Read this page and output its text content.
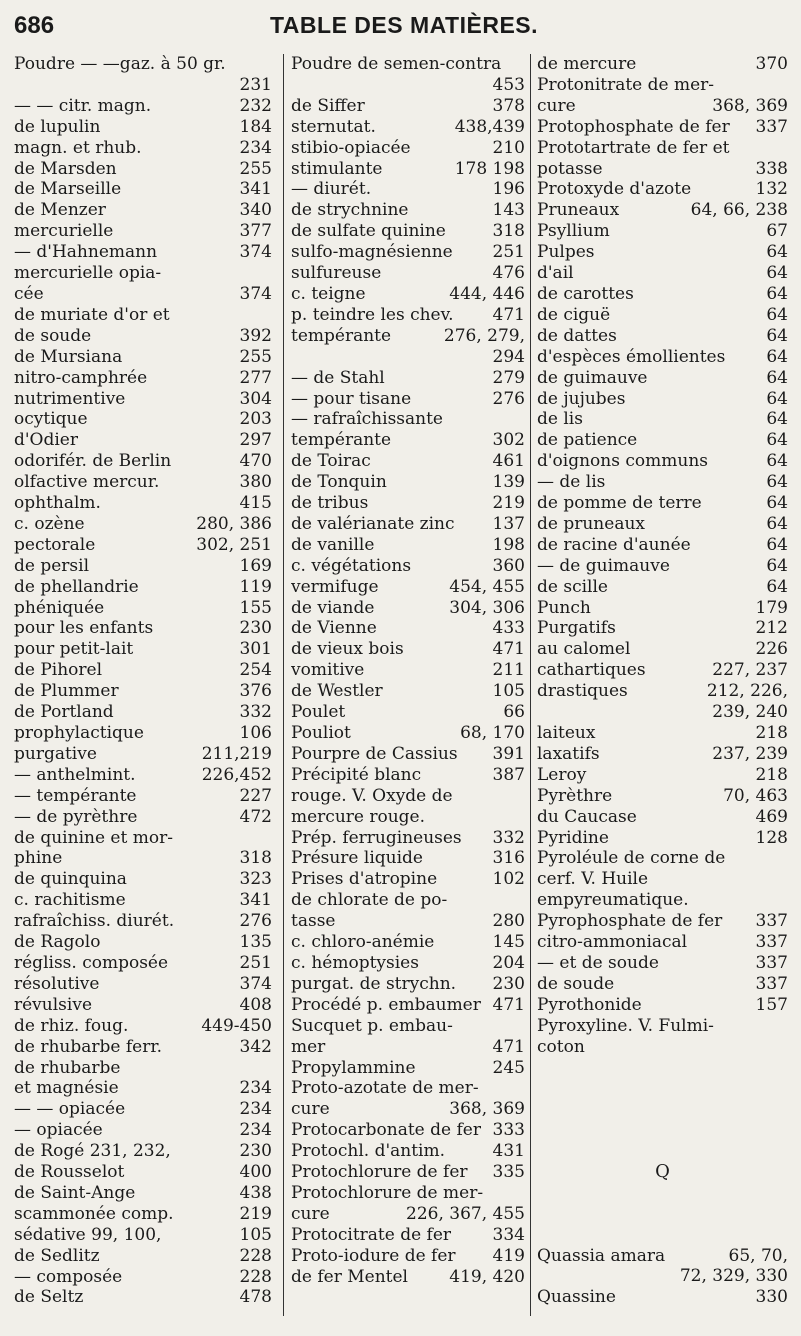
686	TABLE DES MATIÈRES.
Poudre — —gaz. à 50 gr.
231
— — citr. magn.	232
de lupulin	184
magn. et rhub.	234
de Marsden	255
de Marseille	341
de Menzer	340
mercurielle	377
— d'Hahnemann	374
mercurielle opia-
cée	374
de muriate d'or et
de soude	392
de Mursiana	255
nitro-camphrée	277
nutrimentive	304
ocytique	203
d'Odier	297
odorifér. de Berlin	470
olfactive mercur.	380
ophthalm.	415
c. ozène	280, 386
pectorale	302, 251
de persil	169
de phellandrie	119
phéniquée	155
pour les enfants	230
pour petit-lait	301
de Pihorel	254
de Plummer	376
de Portland	332
prophylactique	106
purgative	211,219
— anthelmint.	226,452
— tempérante	227
— de pyrèthre	472
de quinine et mor-
phine	318
de quinquina	323
c. rachitisme	341
rafraîchiss. diurét.	276
de Ragolo	135
régliss. composée	251
résolutive	374
révulsive	408
de rhiz. foug.	449-450
de rhubarbe ferr.	342
de rhubarbe
et magnésie	234
— — opiacée	234
— opiacée	234
de Rogé 231, 232,	230
de Rousselot	400
de Saint-Ange	438
scammonée comp.	219
sédative 99, 100,	105
de Sedlitz	228
— composée	228
de Seltz	478
Poudre de semen-contra
453
de Siffer	378
sternutat.	438,439
stibio-opiacée	210
stimulante	178 198
— diurét.	196
de strychnine	143
de sulfate quinine	318
sulfo-magnésienne	251
sulfureuse	476
c. teigne	444, 446
p. teindre les chev.	471
tempérante	276, 279,
294
— de Stahl	279
— pour tisane	276
— rafraîchissante
tempérante	302
de Toirac	461
de Tonquin	139
de tribus	219
de valérianate zinc	137
de vanille	198
c. végétations	360
vermifuge	454, 455
de viande	304, 306
de Vienne	433
de vieux bois	471
vomitive	211
de Westler	105
Poulet	66
Pouliot	68, 170
Pourpre de Cassius	391
Précipité blanc	387
rouge. V. Oxyde de
mercure rouge.
Prép. ferrugineuses	332
Présure liquide	316
Prises d'atropine	102
de chlorate de po-
tasse	280
c. chloro-anémie	145
c. hémoptysies	204
purgat. de strychn.	230
Procédé p. embaumer 471
Sucquet p. embau-
mer	471
Propylammine	245
Proto-azotate de mer-
cure	368, 369
Protocarbonate de fer 333
Protochl. d'antim.	431
Protochlorure de fer	335
Protochlorure de mer-
cure	226, 367, 455
Protocitrate de fer	334
Proto-iodure de fer	419
de fer Mentel	419, 420
de mercure	370
Protonitrate de mer-
cure	368, 369
Protophosphate de fer	337
Prototartrate de fer et
potasse	338
Protoxyde d'azote	132
Pruneaux	64, 66, 238
Psyllium	67
Pulpes	64
d'ail	64
de carottes	64
de ciguë	64
de dattes	64
d'espèces émollientes	64
de guimauve	64
de jujubes	64
de lis	64
de patience	64
d'oignons communs	64
— de lis	64
de pomme de terre	64
de pruneaux	64
de racine d'aunée	64
— de guimauve	64
de scille	64
Punch	179
Purgatifs	212
au calomel	226
cathartiques	227, 237
drastiques	212, 226,
239, 240
laiteux	218
laxatifs	237, 239
Leroy	218
Pyrèthre	70, 463
du Caucase	469
Pyridine	128
Pyroléule de corne de
cerf. V. Huile
empyreumatique.
Pyrophosphate de fer	337
citro-ammoniacal	337
— et de soude	337
de soude	337
Pyrothonide	157
Pyroxyline. V. Fulmi-
coton
Q
Quassia amara	65, 70,
72, 329, 330
Quassine	330
